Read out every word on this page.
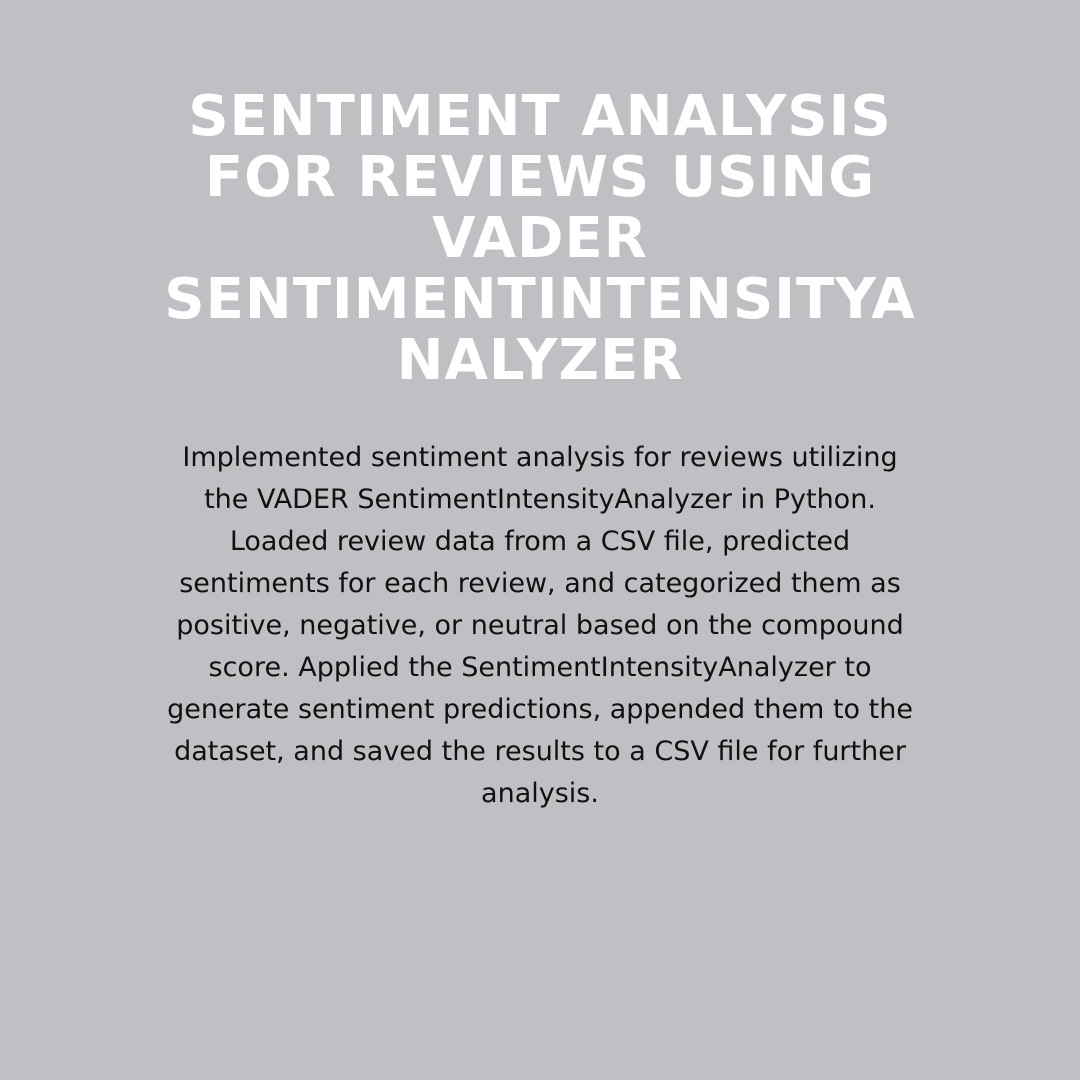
SENTIMENT ANALYSIS
FOR REVIEWS USING
VADER
SENTIMENTINTENSITYA
NALYZER

Implemented sentiment analysis for reviews utilizing
the VADER SentimentIntensityAnalyzer in Python.
Loaded review data from a CSV file, predicted
sentiments for each review, and categorized them as
positive, negative, or neutral based on the compound
score. Applied the SentimentIntensityAnalyzer to
generate sentiment predictions, appended them to the
dataset, and saved the results to a CSV file for further
analysis.
